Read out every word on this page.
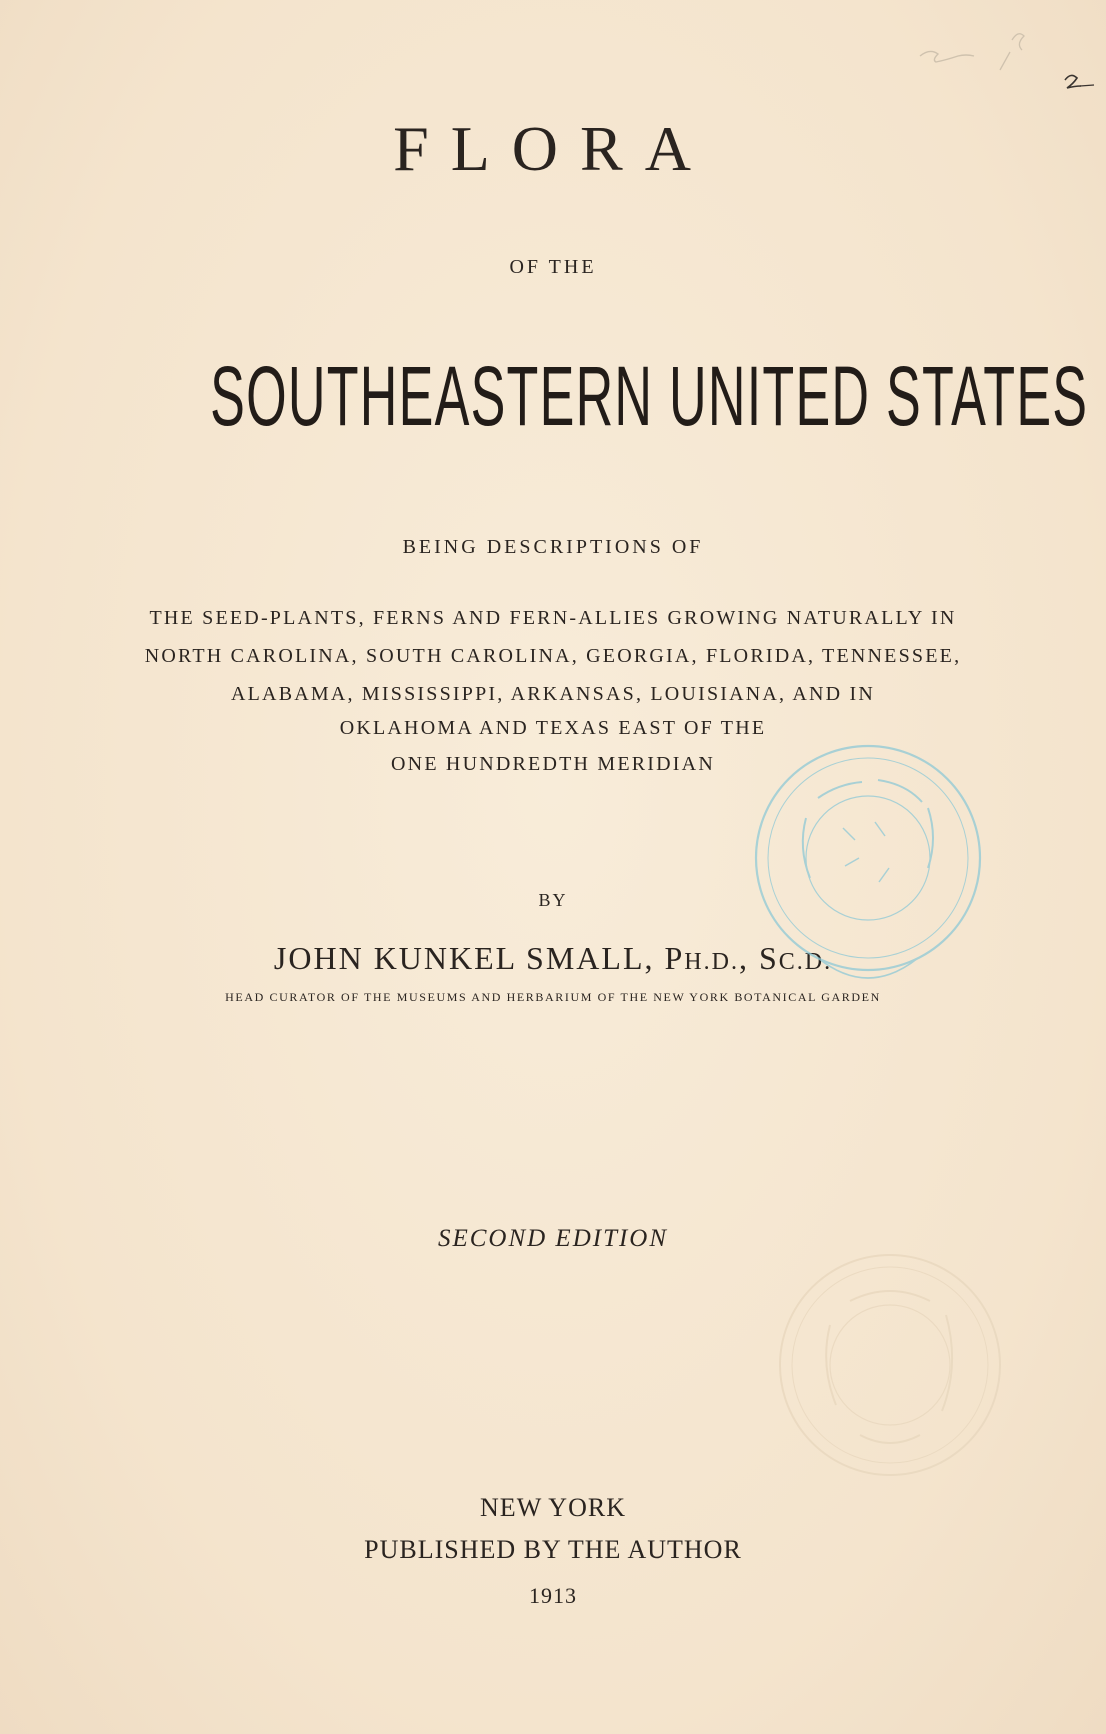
FLORA
OF THE
SOUTHEASTERN UNITED STATES
BEING DESCRIPTIONS OF
THE SEED-PLANTS, FERNS AND FERN-ALLIES GROWING NATURALLY IN
NORTH CAROLINA, SOUTH CAROLINA, GEORGIA, FLORIDA, TENNESSEE,
ALABAMA, MISSISSIPPI, ARKANSAS, LOUISIANA, AND IN
OKLAHOMA AND TEXAS EAST OF THE
ONE HUNDREDTH MERIDIAN
BY
JOHN KUNKEL SMALL, PH.D., SC.D.
HEAD CURATOR OF THE MUSEUMS AND HERBARIUM OF THE NEW YORK BOTANICAL GARDEN
SECOND EDITION
NEW YORK
PUBLISHED BY THE AUTHOR
1913
